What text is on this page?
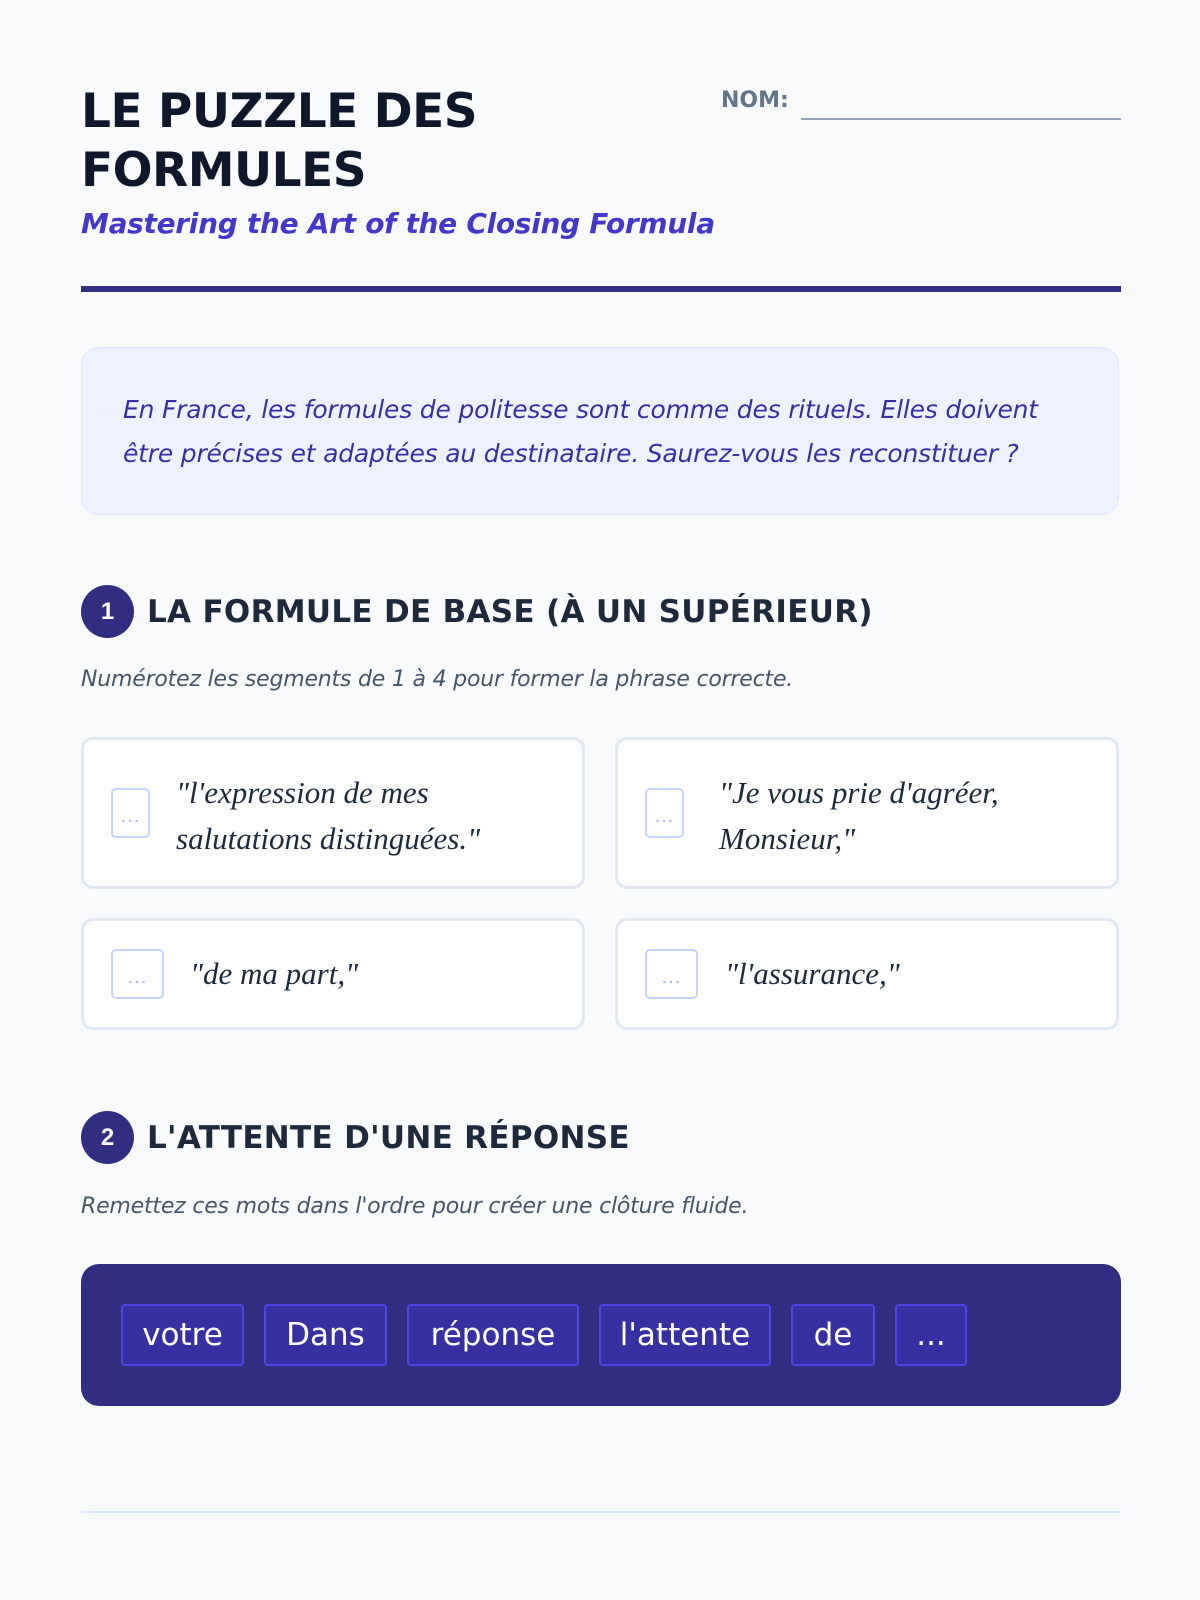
LE PUZZLE DES FORMULES

Mastering the Art of the Closing Formula

NOM:

En France, les formules de politesse sont comme des rituels. Elles doivent être précises et adaptées au destinataire. Saurez-vous les reconstituer ?

1	LA FORMULE DE BASE (À UN SUPÉRIEUR)

Numérotez les segments de 1 à 4 pour former la phrase correcte.

...

"l'expression de mes salutations distinguées."

...

"Je vous prie d'agréer, Monsieur,"

...	"de ma part,"	...	"l'assurance,"

2	L'ATTENTE D'UNE RÉPONSE

Remettez ces mots dans l'ordre pour créer une clôture fluide.

votre	Dans	réponse	l'attente	de	...
